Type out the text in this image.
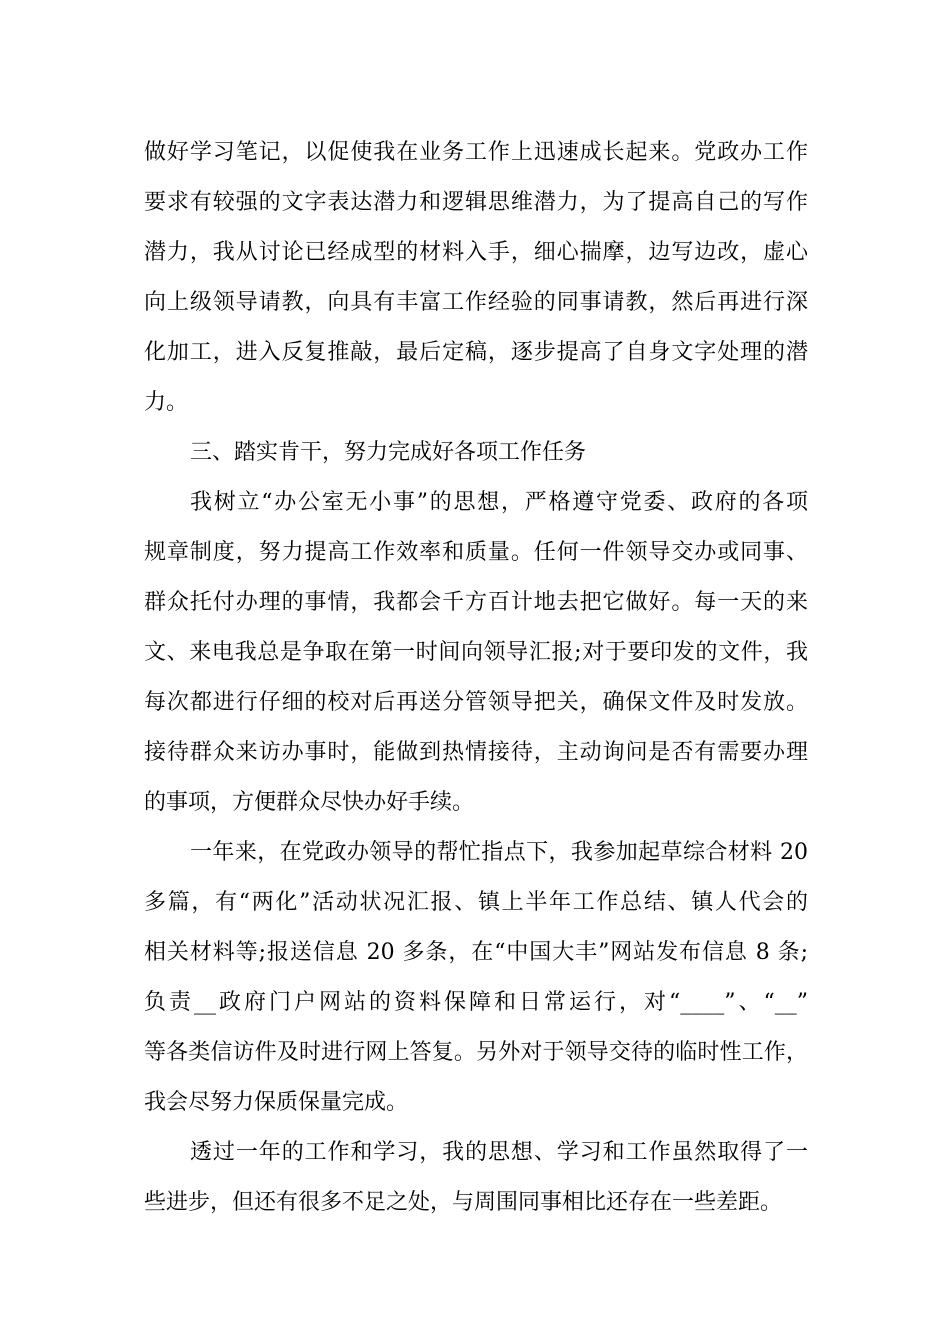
做好学习笔记，以促使我在业务工作上迅速成长起来。党政办工作
要求有较强的文字表达潜力和逻辑思维潜力，为了提高自己的写作
潜力，我从讨论已经成型的材料入手，细心揣摩，边写边改，虚心
向上级领导请教，向具有丰富工作经验的同事请教，然后再进行深
化加工，进入反复推敲，最后定稿，逐步提高了自身文字处理的潜
力。
三、踏实肯干，努力完成好各项工作任务
我树立“办公室无小事”的思想，严格遵守党委、政府的各项
规章制度，努力提高工作效率和质量。任何一件领导交办或同事、
群众托付办理的事情，我都会千方百计地去把它做好。每一天的来
文、来电我总是争取在第一时间向领导汇报;对于要印发的文件，我
每次都进行仔细的校对后再送分管领导把关，确保文件及时发放。
接待群众来访办事时，能做到热情接待，主动询问是否有需要办理
的事项，方便群众尽快办好手续。
一年来，在党政办领导的帮忙指点下，我参加起草综合材料 20
多篇，有“两化”活动状况汇报、镇上半年工作总结、镇人代会的
相关材料等;报送信息 20 多条，在“中国大丰”网站发布信息 8 条;
负责__政府门户网站的资料保障和日常运行，对“____”、“__”
等各类信访件及时进行网上答复。另外对于领导交待的临时性工作，
我会尽努力保质保量完成。
透过一年的工作和学习，我的思想、学习和工作虽然取得了一
些进步，但还有很多不足之处，与周围同事相比还存在一些差距。
